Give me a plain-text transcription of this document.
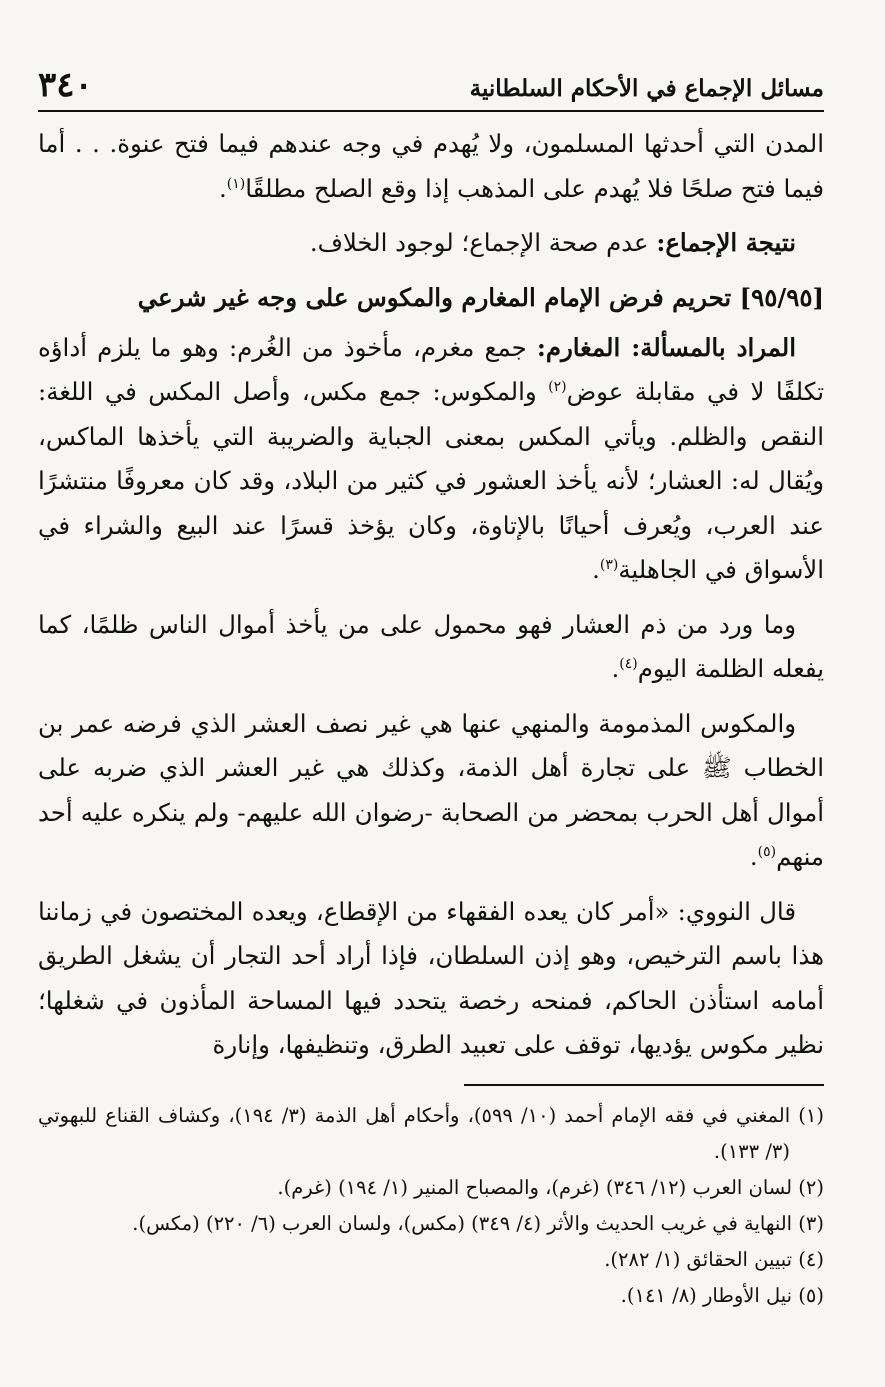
مسائل الإجماع في الأحكام السلطانية
٣٤٠

المدن التي أحدثها المسلمون، ولا يُهدم في وجه عندهم فيما فتح عنوة. . . أما فيما فتح صلحًا فلا يُهدم على المذهب إذا وقع الصلح مطلقًا$^{(١)}$.

نتيجة الإجماع: عدم صحة الإجماع؛ لوجود الخلاف.

[٩٥/٩٥] تحريم فرض الإمام المغارم والمكوس على وجه غير شرعي

المراد بالمسألة: المغارم: جمع مغرم، مأخوذ من الغُرم: وهو ما يلزم أداؤه تكلفًا لا في مقابلة عوض$^{(٢)}$ والمكوس: جمع مكس، وأصل المكس في اللغة: النقص والظلم. ويأتي المكس بمعنى الجباية والضريبة التي يأخذها الماكس، ويُقال له: العشار؛ لأنه يأخذ العشور في كثير من البلاد، وقد كان معروفًا منتشرًا عند العرب، ويُعرف أحيانًا بالإتاوة، وكان يؤخذ قسرًا عند البيع والشراء في الأسواق في الجاهلية$^{(٣)}$.

وما ورد من ذم العشار فهو محمول على من يأخذ أموال الناس ظلمًا، كما يفعله الظلمة اليوم$^{(٤)}$.

والمكوس المذمومة والمنهي عنها هي غير نصف العشر الذي فرضه عمر بن الخطاب ﷺ على تجارة أهل الذمة، وكذلك هي غير العشر الذي ضربه على أموال أهل الحرب بمحضر من الصحابة -رضوان الله عليهم- ولم ينكره عليه أحد منهم$^{(٥)}$.

قال النووي: «أمر كان يعده الفقهاء من الإقطاع، ويعده المختصون في زماننا هذا باسم الترخيص، وهو إذن السلطان، فإذا أراد أحد التجار أن يشغل الطريق أمامه استأذن الحاكم، فمنحه رخصة يتحدد فيها المساحة المأذون في شغلها؛ نظير مكوس يؤديها، توقف على تعبيد الطرق، وتنظيفها، وإنارة

(١) المغني في فقه الإمام أحمد (١٠/ ٥٩٩)، وأحكام أهل الذمة (٣/ ١٩٤)، وكشاف القناع للبهوتي (٣/ ١٣٣).

(٢) لسان العرب (١٢/ ٣٤٦) (غرم)، والمصباح المنير (١/ ١٩٤) (غرم).

(٣) النهاية في غريب الحديث والأثر (٤/ ٣٤٩) (مكس)، ولسان العرب (٦/ ٢٢٠) (مكس).

(٤) تبيين الحقائق (١/ ٢٨٢).

(٥) نيل الأوطار (٨/ ١٤١).
